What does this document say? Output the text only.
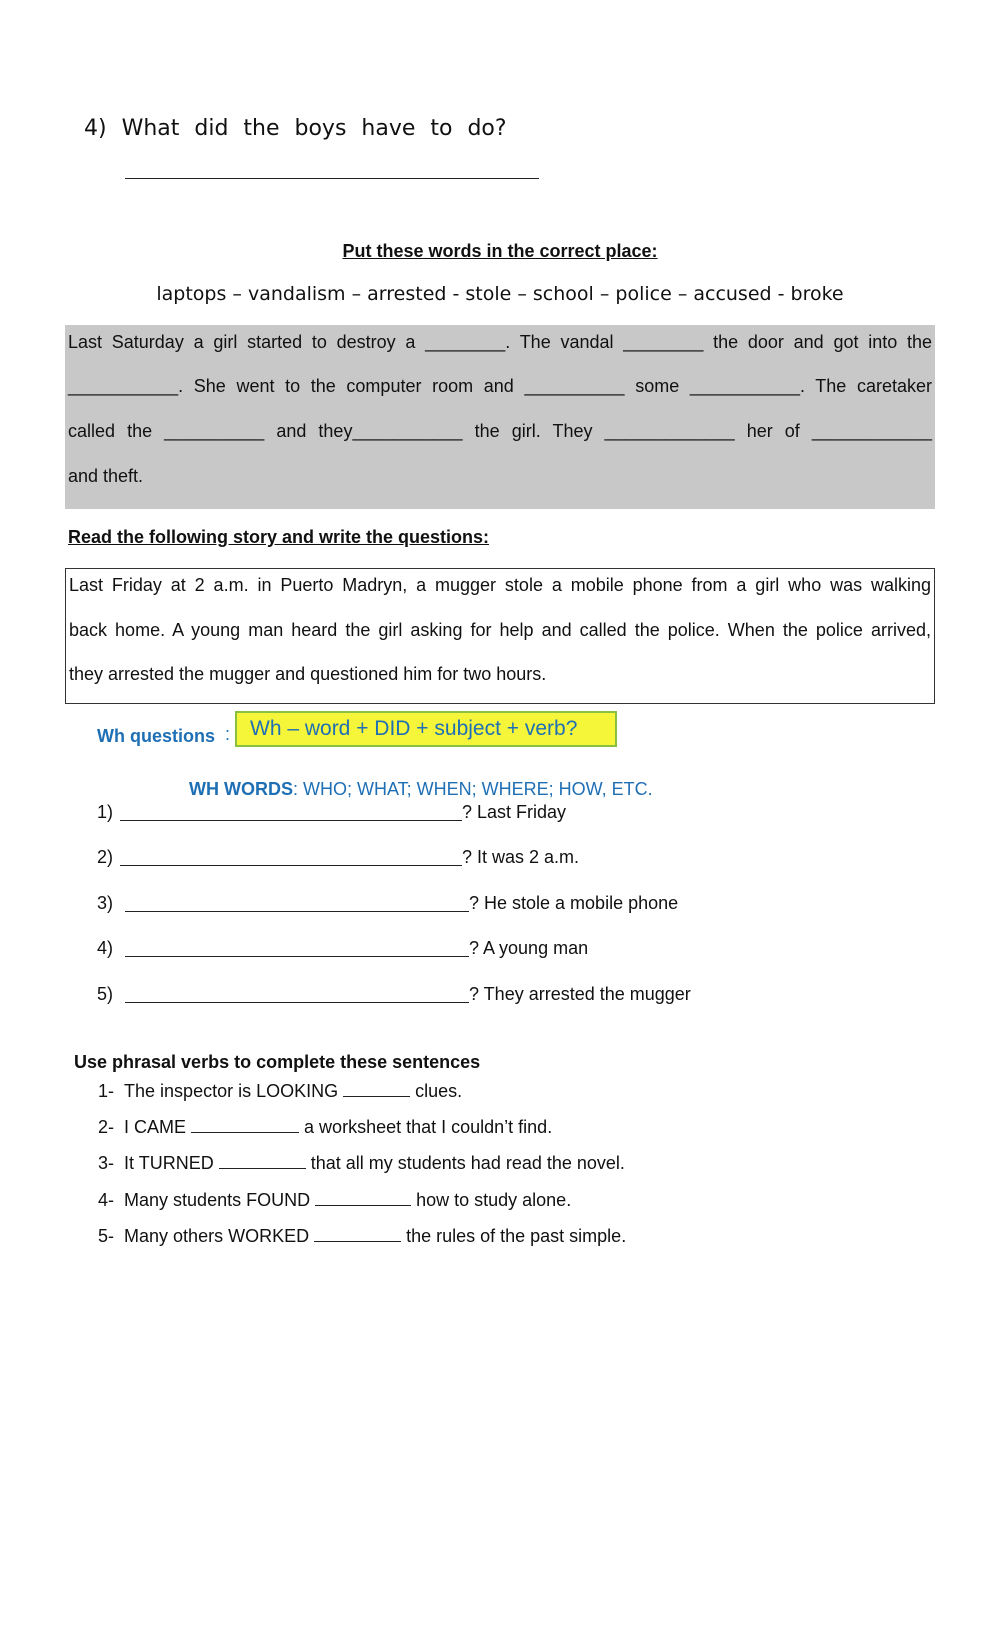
4) What did the boys have to do?
Put these words in the correct place:
laptops – vandalism – arrested - stole – school – police – accused - broke
Last Saturday a girl started to destroy a ________. The vandal ________ the door and got into the
___________. She went to the computer room and __________ some ___________. The caretaker
called the __________ and they___________ the girl. They _____________ her of ____________
and theft.
Read the following story and write the questions:
Last Friday at 2 a.m. in Puerto Madryn, a mugger stole a mobile phone from a girl who was walking
back home. A young man heard the girl asking for help and called the police. When the police arrived,
they arrested the mugger and questioned him for two hours.
Wh questions : Wh – word + DID + subject + verb?
WH WORDS: WHO; WHAT; WHEN; WHERE; HOW, ETC.
1)	? Last Friday
2)	? It was 2 a.m.
3)	? He stole a mobile phone
4)	? A young man
5)	? They arrested the mugger
Use phrasal verbs to complete these sentences
1- The inspector is LOOKING	clues.
2- I CAME	a worksheet that I couldn’t find.
3- It TURNED	that all my students had read the novel.
4- Many students FOUND	how to study alone.
5- Many others WORKED	the rules of the past simple.
